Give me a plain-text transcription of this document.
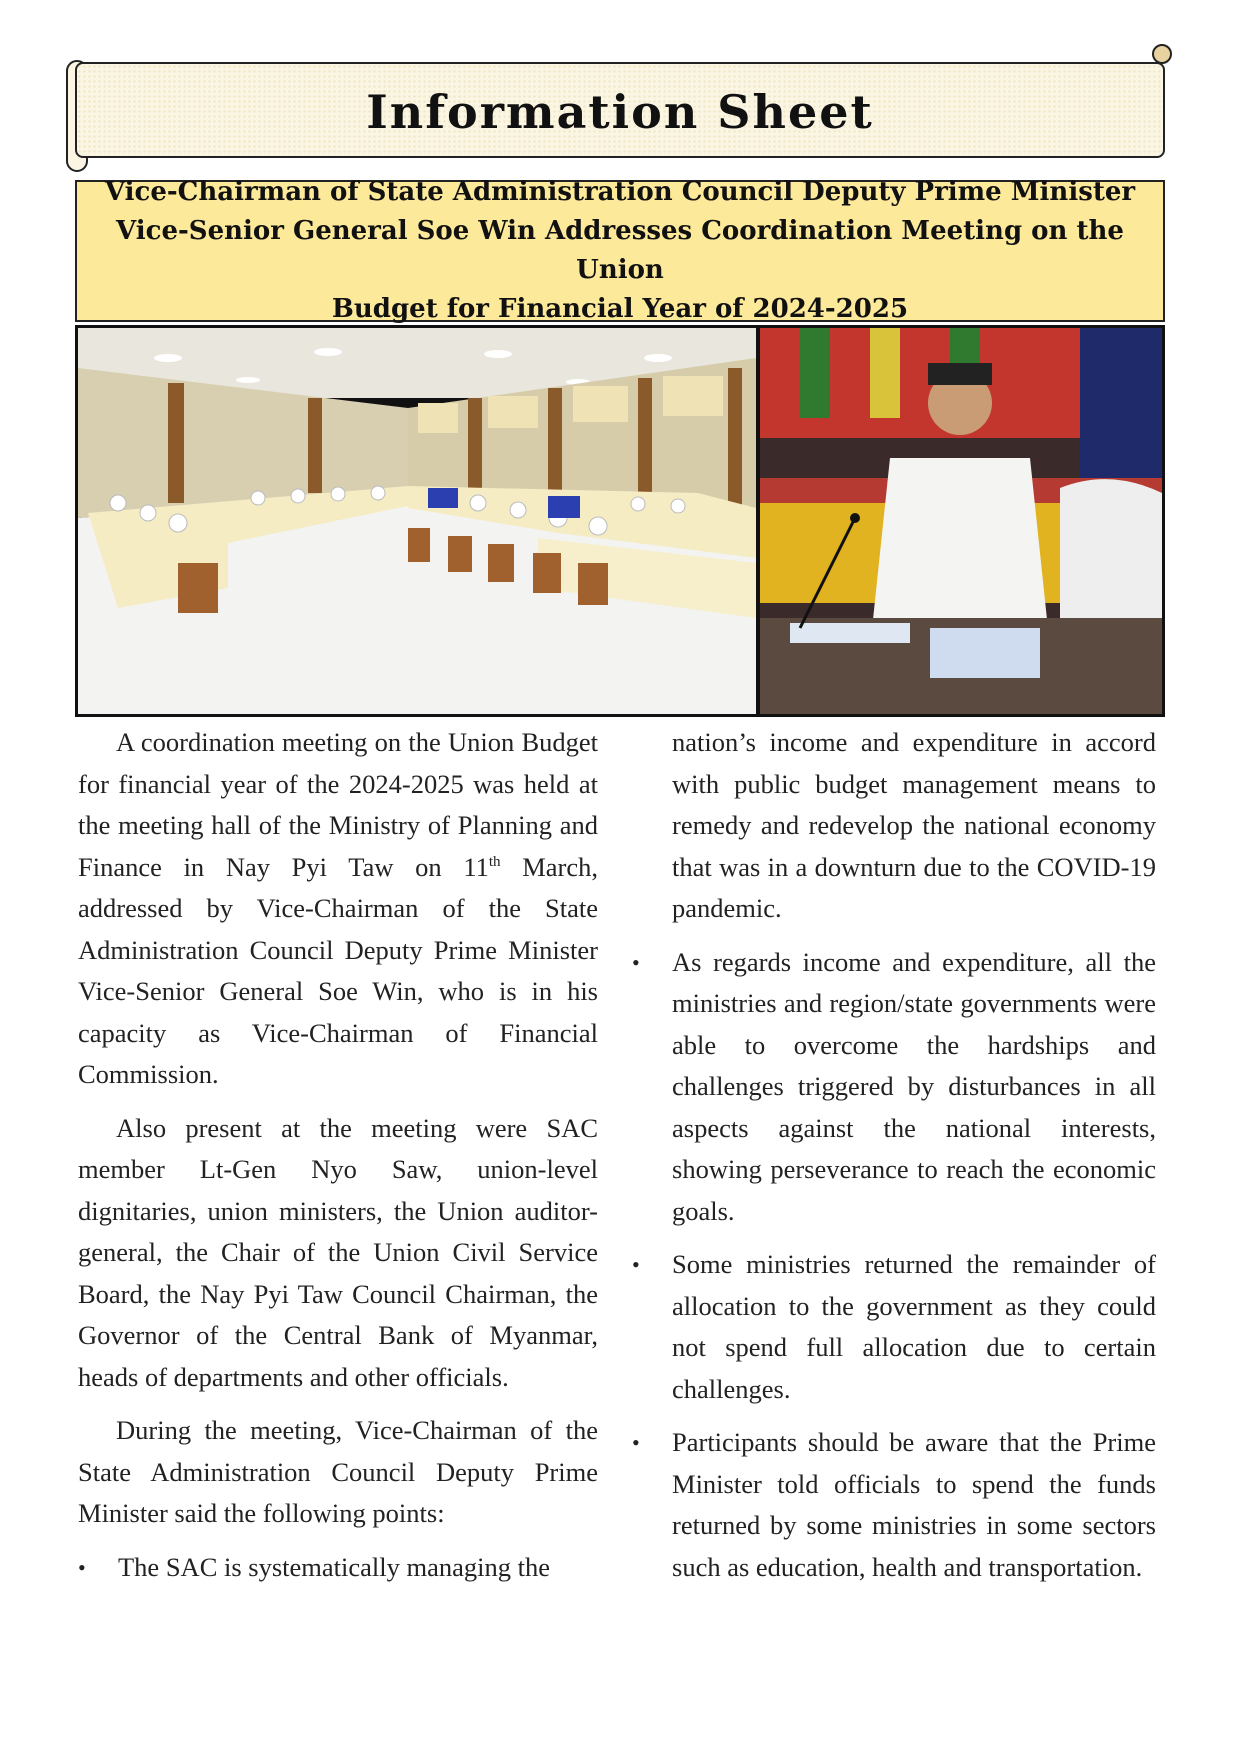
Information Sheet
Vice-Chairman of State Administration Council Deputy Prime Minister
Vice-Senior General Soe Win Addresses Coordination Meeting on the Union
Budget for Financial Year of 2024-2025

A coordination meeting on the Union Budget for financial year of the 2024-2025 was held at the meeting hall of the Ministry of Planning and Finance in Nay Pyi Taw on 11th March, addressed by Vice-Chairman of the State Administration Council Deputy Prime Minister Vice-Senior General Soe Win, who is in his capacity as Vice-Chairman of Financial Commission.

Also present at the meeting were SAC member Lt-Gen Nyo Saw, union-level dignitaries, union ministers, the Union auditor-general, the Chair of the Union Civil Service Board, the Nay Pyi Taw Council Chairman, the Governor of the Central Bank of Myanmar, heads of departments and other officials.

During the meeting, Vice-Chairman of the State Administration Council Deputy Prime Minister said the following points:

• The SAC is systematically managing the

nation’s income and expenditure in accord with public budget management means to remedy and redevelop the national economy that was in a downturn due to the COVID-19 pandemic.

• As regards income and expenditure, all the ministries and region/state governments were able to overcome the hardships and challenges triggered by disturbances in all aspects against the national interests, showing perseverance to reach the economic goals.
• Some ministries returned the remainder of allocation to the government as they could not spend full allocation due to certain challenges.
• Participants should be aware that the Prime Minister told officials to spend the funds returned by some ministries in some sectors such as education, health and transportation.
